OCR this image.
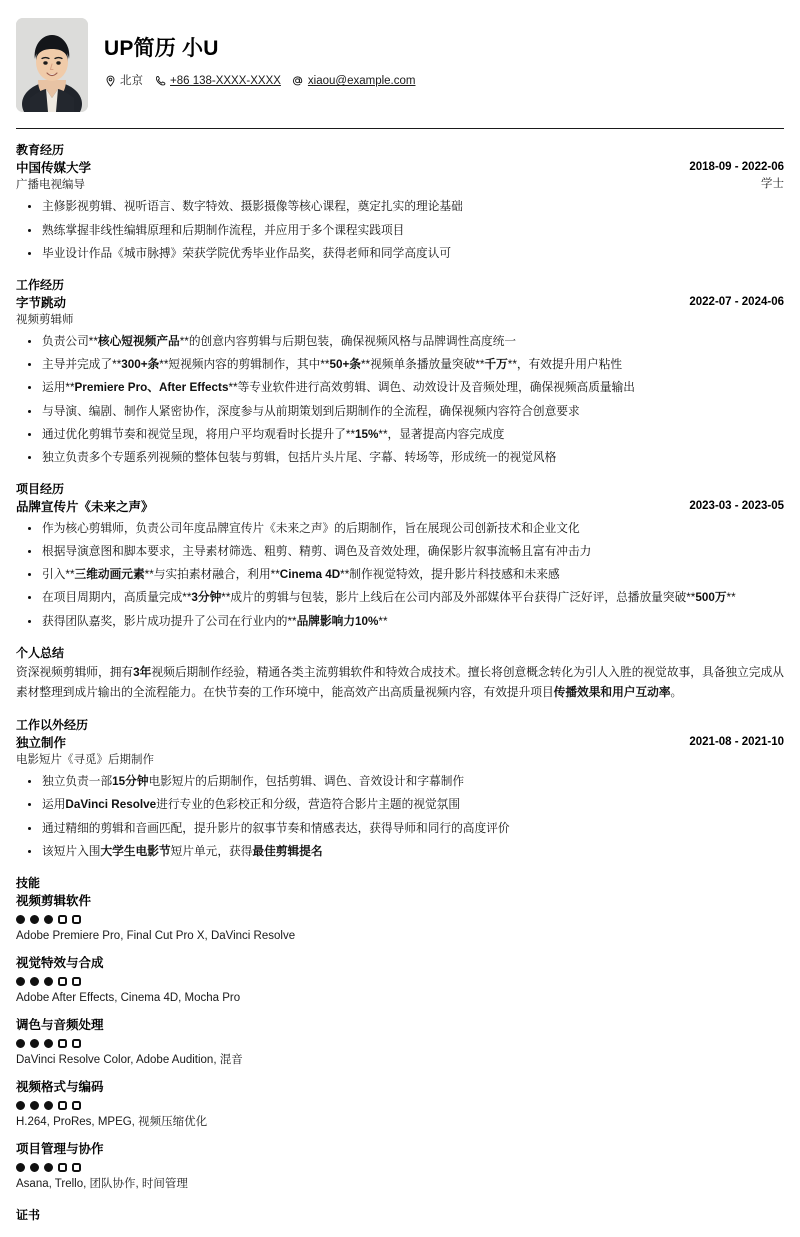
UP简历 小U
北京 +86 138-XXXX-XXXX xiaou@example.com
教育经历
中国传媒大学
广播电视编导
2018-09 - 2022-06
学士
主修影视剪辑、视听语言、数字特效、摄影摄像等核心课程，奠定扎实的理论基础
熟练掌握非线性编辑原理和后期制作流程，并应用于多个课程实践项目
毕业设计作品《城市脉搏》荣获学院优秀毕业作品奖，获得老师和同学高度认可
工作经历
字节跳动
视频剪辑师
2022-07 - 2024-06
负责公司**核心短视频产品**的创意内容剪辑与后期包装，确保视频风格与品牌调性高度统一
主导并完成了**300+条**短视频内容的剪辑制作，其中**50+条**视频单条播放量突破**千万**，有效提升用户粘性
运用**Premiere Pro、After Effects**等专业软件进行高效剪辑、调色、动效设计及音频处理，确保视频高质量输出
与导演、编剧、制作人紧密协作，深度参与从前期策划到后期制作的全流程，确保视频内容符合创意要求
通过优化剪辑节奏和视觉呈现，将用户平均观看时长提升了**15%**，显著提高内容完成度
独立负责多个专题系列视频的整体包装与剪辑，包括片头片尾、字幕、转场等，形成统一的视觉风格
项目经历
品牌宣传片《未来之声》	2023-03 - 2023-05
作为核心剪辑师，负责公司年度品牌宣传片《未来之声》的后期制作，旨在展现公司创新技术和企业文化
根据导演意图和脚本要求，主导素材筛选、粗剪、精剪、调色及音效处理，确保影片叙事流畅且富有冲击力
引入**三维动画元素**与实拍素材融合，利用**Cinema 4D**制作视觉特效，提升影片科技感和未来感
在项目周期内，高质量完成**3分钟**成片的剪辑与包装，影片上线后在公司内部及外部媒体平台获得广泛好评，总播放量突破**500万**
获得团队嘉奖，影片成功提升了公司在行业内的**品牌影响力10%**
个人总结

资深视频剪辑师，拥有3年视频后期制作经验，精通各类主流剪辑软件和特效合成技术。擅长将创意概念转化为引人入胜的视觉故事，具备独立完成从素材整理到成片输出的全流程能力。在快节奏的工作环境中，能高效产出高质量视频内容，有效提升项目传播效果和用户互动率。

工作以外经历
独立制作
电影短片《寻觅》后期制作
2021-08 - 2021-10
独立负责一部15分钟电影短片的后期制作，包括剪辑、调色、音效设计和字幕制作
运用DaVinci Resolve进行专业的色彩校正和分级，营造符合影片主题的视觉氛围
通过精细的剪辑和音画匹配，提升影片的叙事节奏和情感表达，获得导师和同行的高度评价
该短片入围大学生电影节短片单元，获得最佳剪辑提名
技能
视频剪辑软件
Adobe Premiere Pro, Final Cut Pro X, DaVinci Resolve
视觉特效与合成
Adobe After Effects, Cinema 4D, Mocha Pro
调色与音频处理
DaVinci Resolve Color, Adobe Audition, 混音
视频格式与编码
H.264, ProRes, MPEG, 视频压缩优化
项目管理与协作
Asana, Trello, 团队协作, 时间管理
证书
